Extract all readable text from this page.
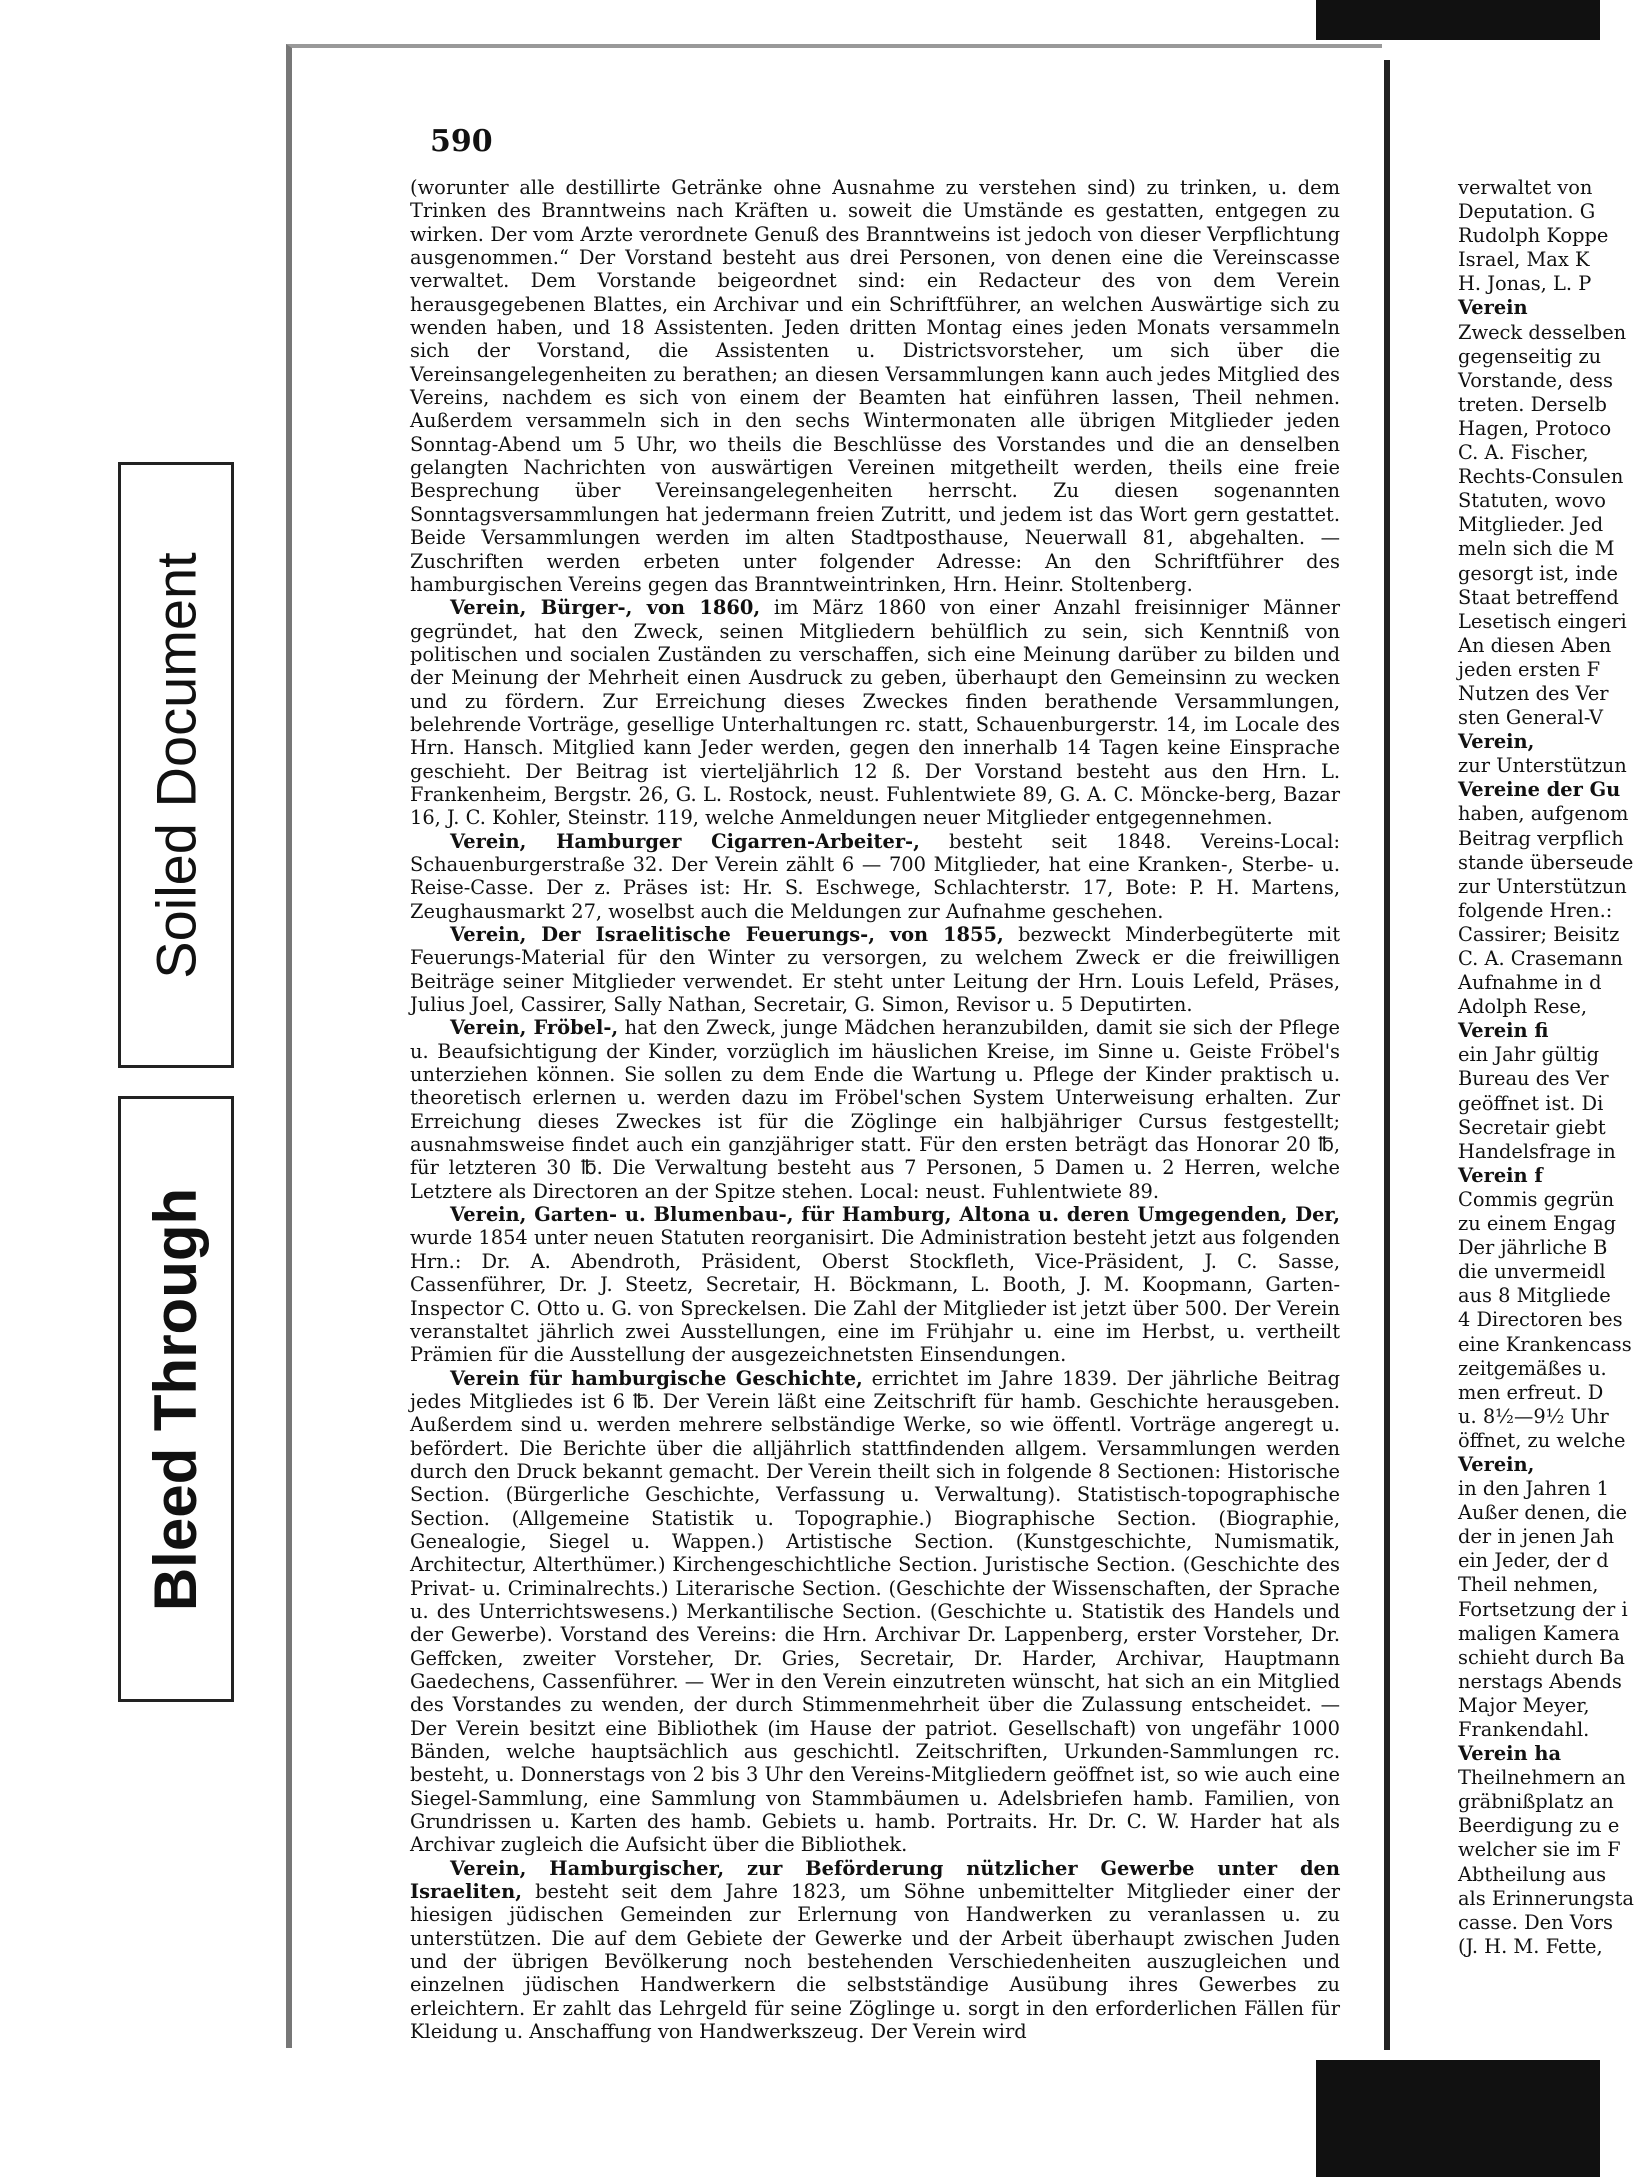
Soiled Document
Bleed Through
590

(worunter alle destillirte Getränke ohne Ausnahme zu verstehen sind) zu trinken, u. dem Trinken des Branntweins nach Kräften u. soweit die Umstände es gestatten, entgegen zu wirken. Der vom Arzte verordnete Genuß des Branntweins ist jedoch von dieser Verpflichtung ausgenommen.“ Der Vorstand besteht aus drei Personen, von denen eine die Vereinscasse verwaltet. Dem Vorstande beigeordnet sind: ein Redacteur des von dem Verein herausgegebenen Blattes, ein Archivar und ein Schriftführer, an welchen Auswärtige sich zu wenden haben, und 18 Assistenten. Jeden dritten Montag eines jeden Monats versammeln sich der Vorstand, die Assistenten u. Districtsvorsteher, um sich über die Vereinsangelegenheiten zu berathen; an diesen Versammlungen kann auch jedes Mitglied des Vereins, nachdem es sich von einem der Beamten hat einführen lassen, Theil nehmen. Außerdem versammeln sich in den sechs Wintermonaten alle übrigen Mitglieder jeden Sonntag-Abend um 5 Uhr, wo theils die Beschlüsse des Vorstandes und die an denselben gelangten Nachrichten von auswärtigen Vereinen mitgetheilt werden, theils eine freie Besprechung über Vereinsangelegenheiten herrscht. Zu diesen sogenannten Sonntagsversammlungen hat jedermann freien Zutritt, und jedem ist das Wort gern gestattet. Beide Versammlungen werden im alten Stadtposthause, Neuerwall 81, abgehalten. — Zuschriften werden erbeten unter folgender Adresse: An den Schriftführer des hamburgischen Vereins gegen das Branntweintrinken, Hrn. Heinr. Stoltenberg.

Verein, Bürger-, von 1860, im März 1860 von einer Anzahl freisinniger Männer gegründet, hat den Zweck, seinen Mitgliedern behülflich zu sein, sich Kenntniß von politischen und socialen Zuständen zu verschaffen, sich eine Meinung darüber zu bilden und der Meinung der Mehrheit einen Ausdruck zu geben, überhaupt den Gemeinsinn zu wecken und zu fördern. Zur Erreichung dieses Zweckes finden berathende Versammlungen, belehrende Vorträge, gesellige Unterhaltungen rc. statt, Schauenburgerstr. 14, im Locale des Hrn. Hansch. Mitglied kann Jeder werden, gegen den innerhalb 14 Tagen keine Einsprache geschieht. Der Beitrag ist vierteljährlich 12 ß. Der Vorstand besteht aus den Hrn. L. Frankenheim, Bergstr. 26, G. L. Rostock, neust. Fuhlentwiete 89, G. A. C. Möncke-berg, Bazar 16, J. C. Kohler, Steinstr. 119, welche Anmeldungen neuer Mitglieder entgegennehmen.

Verein, Hamburger Cigarren-Arbeiter-, besteht seit 1848. Vereins-Local: Schauenburgerstraße 32. Der Verein zählt 6 — 700 Mitglieder, hat eine Kranken-, Sterbe- u. Reise-Casse. Der z. Präses ist: Hr. S. Eschwege, Schlachterstr. 17, Bote: P. H. Martens, Zeughausmarkt 27, woselbst auch die Meldungen zur Aufnahme geschehen.

Verein, Der Israelitische Feuerungs-, von 1855, bezweckt Minderbegüterte mit Feuerungs-Material für den Winter zu versorgen, zu welchem Zweck er die freiwilligen Beiträge seiner Mitglieder verwendet. Er steht unter Leitung der Hrn. Louis Lefeld, Präses, Julius Joel, Cassirer, Sally Nathan, Secretair, G. Simon, Revisor u. 5 Deputirten.

Verein, Fröbel-, hat den Zweck, junge Mädchen heranzubilden, damit sie sich der Pflege u. Beaufsichtigung der Kinder, vorzüglich im häuslichen Kreise, im Sinne u. Geiste Fröbel's unterziehen können. Sie sollen zu dem Ende die Wartung u. Pflege der Kinder praktisch u. theoretisch erlernen u. werden dazu im Fröbel'schen System Unterweisung erhalten. Zur Erreichung dieses Zweckes ist für die Zöglinge ein halbjähriger Cursus festgestellt; ausnahmsweise findet auch ein ganzjähriger statt. Für den ersten beträgt das Honorar 20 ℔, für letzteren 30 ℔. Die Verwaltung besteht aus 7 Personen, 5 Damen u. 2 Herren, welche Letztere als Directoren an der Spitze stehen. Local: neust. Fuhlentwiete 89.

Verein, Garten- u. Blumenbau-, für Hamburg, Altona u. deren Umgegenden, Der, wurde 1854 unter neuen Statuten reorganisirt. Die Administration besteht jetzt aus folgenden Hrn.: Dr. A. Abendroth, Präsident, Oberst Stockfleth, Vice-Präsident, J. C. Sasse, Cassenführer, Dr. J. Steetz, Secretair, H. Böckmann, L. Booth, J. M. Koopmann, Garten-Inspector C. Otto u. G. von Spreckelsen. Die Zahl der Mitglieder ist jetzt über 500. Der Verein veranstaltet jährlich zwei Ausstellungen, eine im Frühjahr u. eine im Herbst, u. vertheilt Prämien für die Ausstellung der ausgezeichnetsten Einsendungen.

Verein für hamburgische Geschichte, errichtet im Jahre 1839. Der jährliche Beitrag jedes Mitgliedes ist 6 ℔. Der Verein läßt eine Zeitschrift für hamb. Geschichte herausgeben. Außerdem sind u. werden mehrere selbständige Werke, so wie öffentl. Vorträge angeregt u. befördert. Die Berichte über die alljährlich stattfindenden allgem. Versammlungen werden durch den Druck bekannt gemacht. Der Verein theilt sich in folgende 8 Sectionen: Historische Section. (Bürgerliche Geschichte, Verfassung u. Verwaltung). Statistisch-topographische Section. (Allgemeine Statistik u. Topographie.) Biographische Section. (Biographie, Genealogie, Siegel u. Wappen.) Artistische Section. (Kunstgeschichte, Numismatik, Architectur, Alterthümer.) Kirchengeschichtliche Section. Juristische Section. (Geschichte des Privat- u. Criminalrechts.) Literarische Section. (Geschichte der Wissenschaften, der Sprache u. des Unterrichtswesens.) Merkantilische Section. (Geschichte u. Statistik des Handels und der Gewerbe). Vorstand des Vereins: die Hrn. Archivar Dr. Lappenberg, erster Vorsteher, Dr. Geffcken, zweiter Vorsteher, Dr. Gries, Secretair, Dr. Harder, Archivar, Hauptmann Gaedechens, Cassenführer. — Wer in den Verein einzutreten wünscht, hat sich an ein Mitglied des Vorstandes zu wenden, der durch Stimmenmehrheit über die Zulassung entscheidet. — Der Verein besitzt eine Bibliothek (im Hause der patriot. Gesellschaft) von ungefähr 1000 Bänden, welche hauptsächlich aus geschichtl. Zeitschriften, Urkunden-Sammlungen rc. besteht, u. Donnerstags von 2 bis 3 Uhr den Vereins-Mitgliedern geöffnet ist, so wie auch eine Siegel-Sammlung, eine Sammlung von Stammbäumen u. Adelsbriefen hamb. Familien, von Grundrissen u. Karten des hamb. Gebiets u. hamb. Portraits. Hr. Dr. C. W. Harder hat als Archivar zugleich die Aufsicht über die Bibliothek.

Verein, Hamburgischer, zur Beförderung nützlicher Gewerbe unter den Israeliten, besteht seit dem Jahre 1823, um Söhne unbemittelter Mitglieder einer der hiesigen jüdischen Gemeinden zur Erlernung von Handwerken zu veranlassen u. zu unterstützen. Die auf dem Gebiete der Gewerke und der Arbeit überhaupt zwischen Juden und der übrigen Bevölkerung noch bestehenden Verschiedenheiten auszugleichen und einzelnen jüdischen Handwerkern die selbstständige Ausübung ihres Gewerbes zu erleichtern. Er zahlt das Lehrgeld für seine Zöglinge u. sorgt in den erforderlichen Fällen für Kleidung u. Anschaffung von Handwerkszeug. Der Verein wird

verwaltet von
Deputation. G
Rudolph Koppe
Israel, Max K
H. Jonas, L. P
Verein
Zweck desselben
gegenseitig zu
Vorstande, dess
treten. Derselb
Hagen, Protoco
C. A. Fischer,
Rechts-Consulen
Statuten, wovo
Mitglieder. Jed
meln sich die M
gesorgt ist, inde
Staat betreffend
Lesetisch eingeri
An diesen Aben
jeden ersten F
Nutzen des Ver
sten General-V
Verein,
zur Unterstützun
Vereine der Gu
haben, aufgenom
Beitrag verpflich
stande überseude
zur Unterstützun
folgende Hren.:
Cassirer; Beisitz
C. A. Crasemann
Aufnahme in d
Adolph Rese,
Verein fi
ein Jahr gültig
Bureau des Ver
geöffnet ist. Di
Secretair giebt
Handelsfrage in
Verein f
Commis gegrün
zu einem Engag
Der jährliche B
die unvermeidl
aus 8 Mitgliede
4 Directoren bes
eine Krankencass
zeitgemäßes u.
men erfreut. D
u. 8½—9½ Uhr
öffnet, zu welche
Verein,
in den Jahren 1
Außer denen, die
der in jenen Jah
ein Jeder, der d
Theil nehmen,
Fortsetzung der i
maligen Kamera
schieht durch Ba
nerstags Abends
Major Meyer,
Frankendahl.
Verein ha
Theilnehmern an
gräbnißplatz an
Beerdigung zu e
welcher sie im F
Abtheilung aus
als Erinnerungsta
casse. Den Vors
(J. H. M. Fette,
